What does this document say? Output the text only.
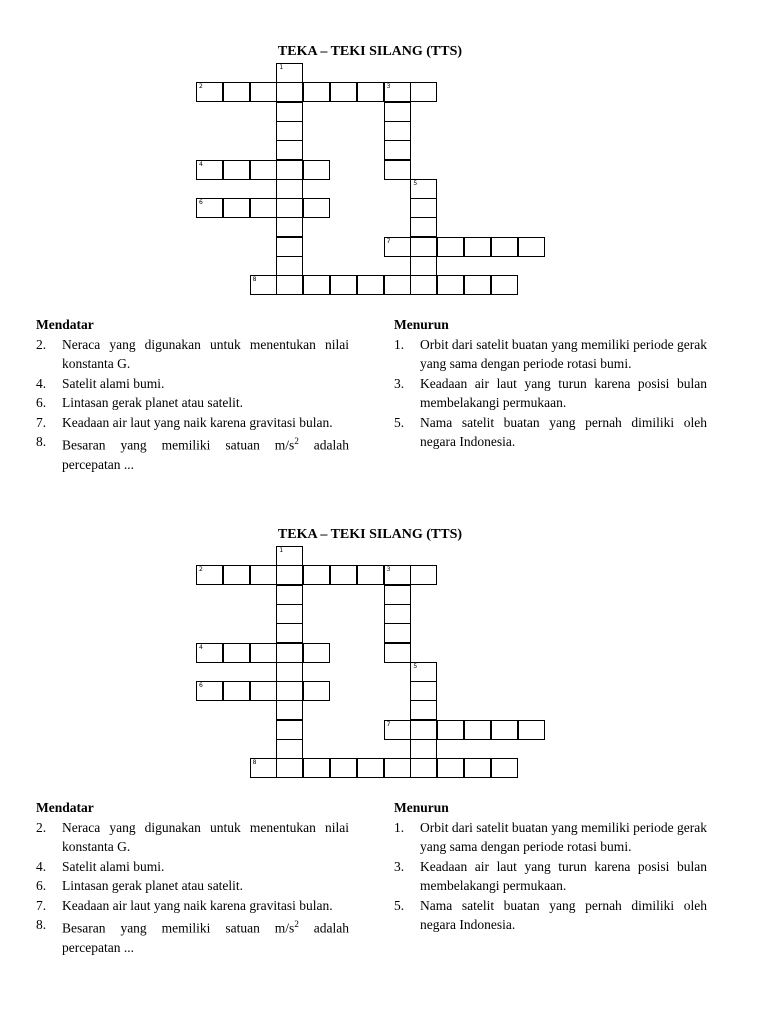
TEKA – TEKI SILANG (TTS)
1
2	3
4
5
6
7
8
Mendatar
2.	Neraca yang digunakan untuk menentukan nilai konstanta G.
4.	Satelit alami bumi.
6.	Lintasan gerak planet atau satelit.
7.	Keadaan air laut yang naik karena gravitasi bulan.
8.	Besaran yang memiliki satuan $m/s^2$ adalah percepatan ...
Menurun
1.	Orbit dari satelit buatan yang memiliki periode gerak yang sama dengan periode rotasi bumi.
3.	Keadaan air laut yang turun karena posisi bulan membelakangi permukaan.
5.	Nama satelit buatan yang pernah dimiliki oleh negara Indonesia.
TEKA – TEKI SILANG (TTS)
1
2	3
4
5
6
7
8
Mendatar
2.	Neraca yang digunakan untuk menentukan nilai konstanta G.
4.	Satelit alami bumi.
6.	Lintasan gerak planet atau satelit.
7.	Keadaan air laut yang naik karena gravitasi bulan.
8.	Besaran yang memiliki satuan $m/s^2$ adalah percepatan ...
Menurun
1.	Orbit dari satelit buatan yang memiliki periode gerak yang sama dengan periode rotasi bumi.
3.	Keadaan air laut yang turun karena posisi bulan membelakangi permukaan.
5.	Nama satelit buatan yang pernah dimiliki oleh negara Indonesia.
